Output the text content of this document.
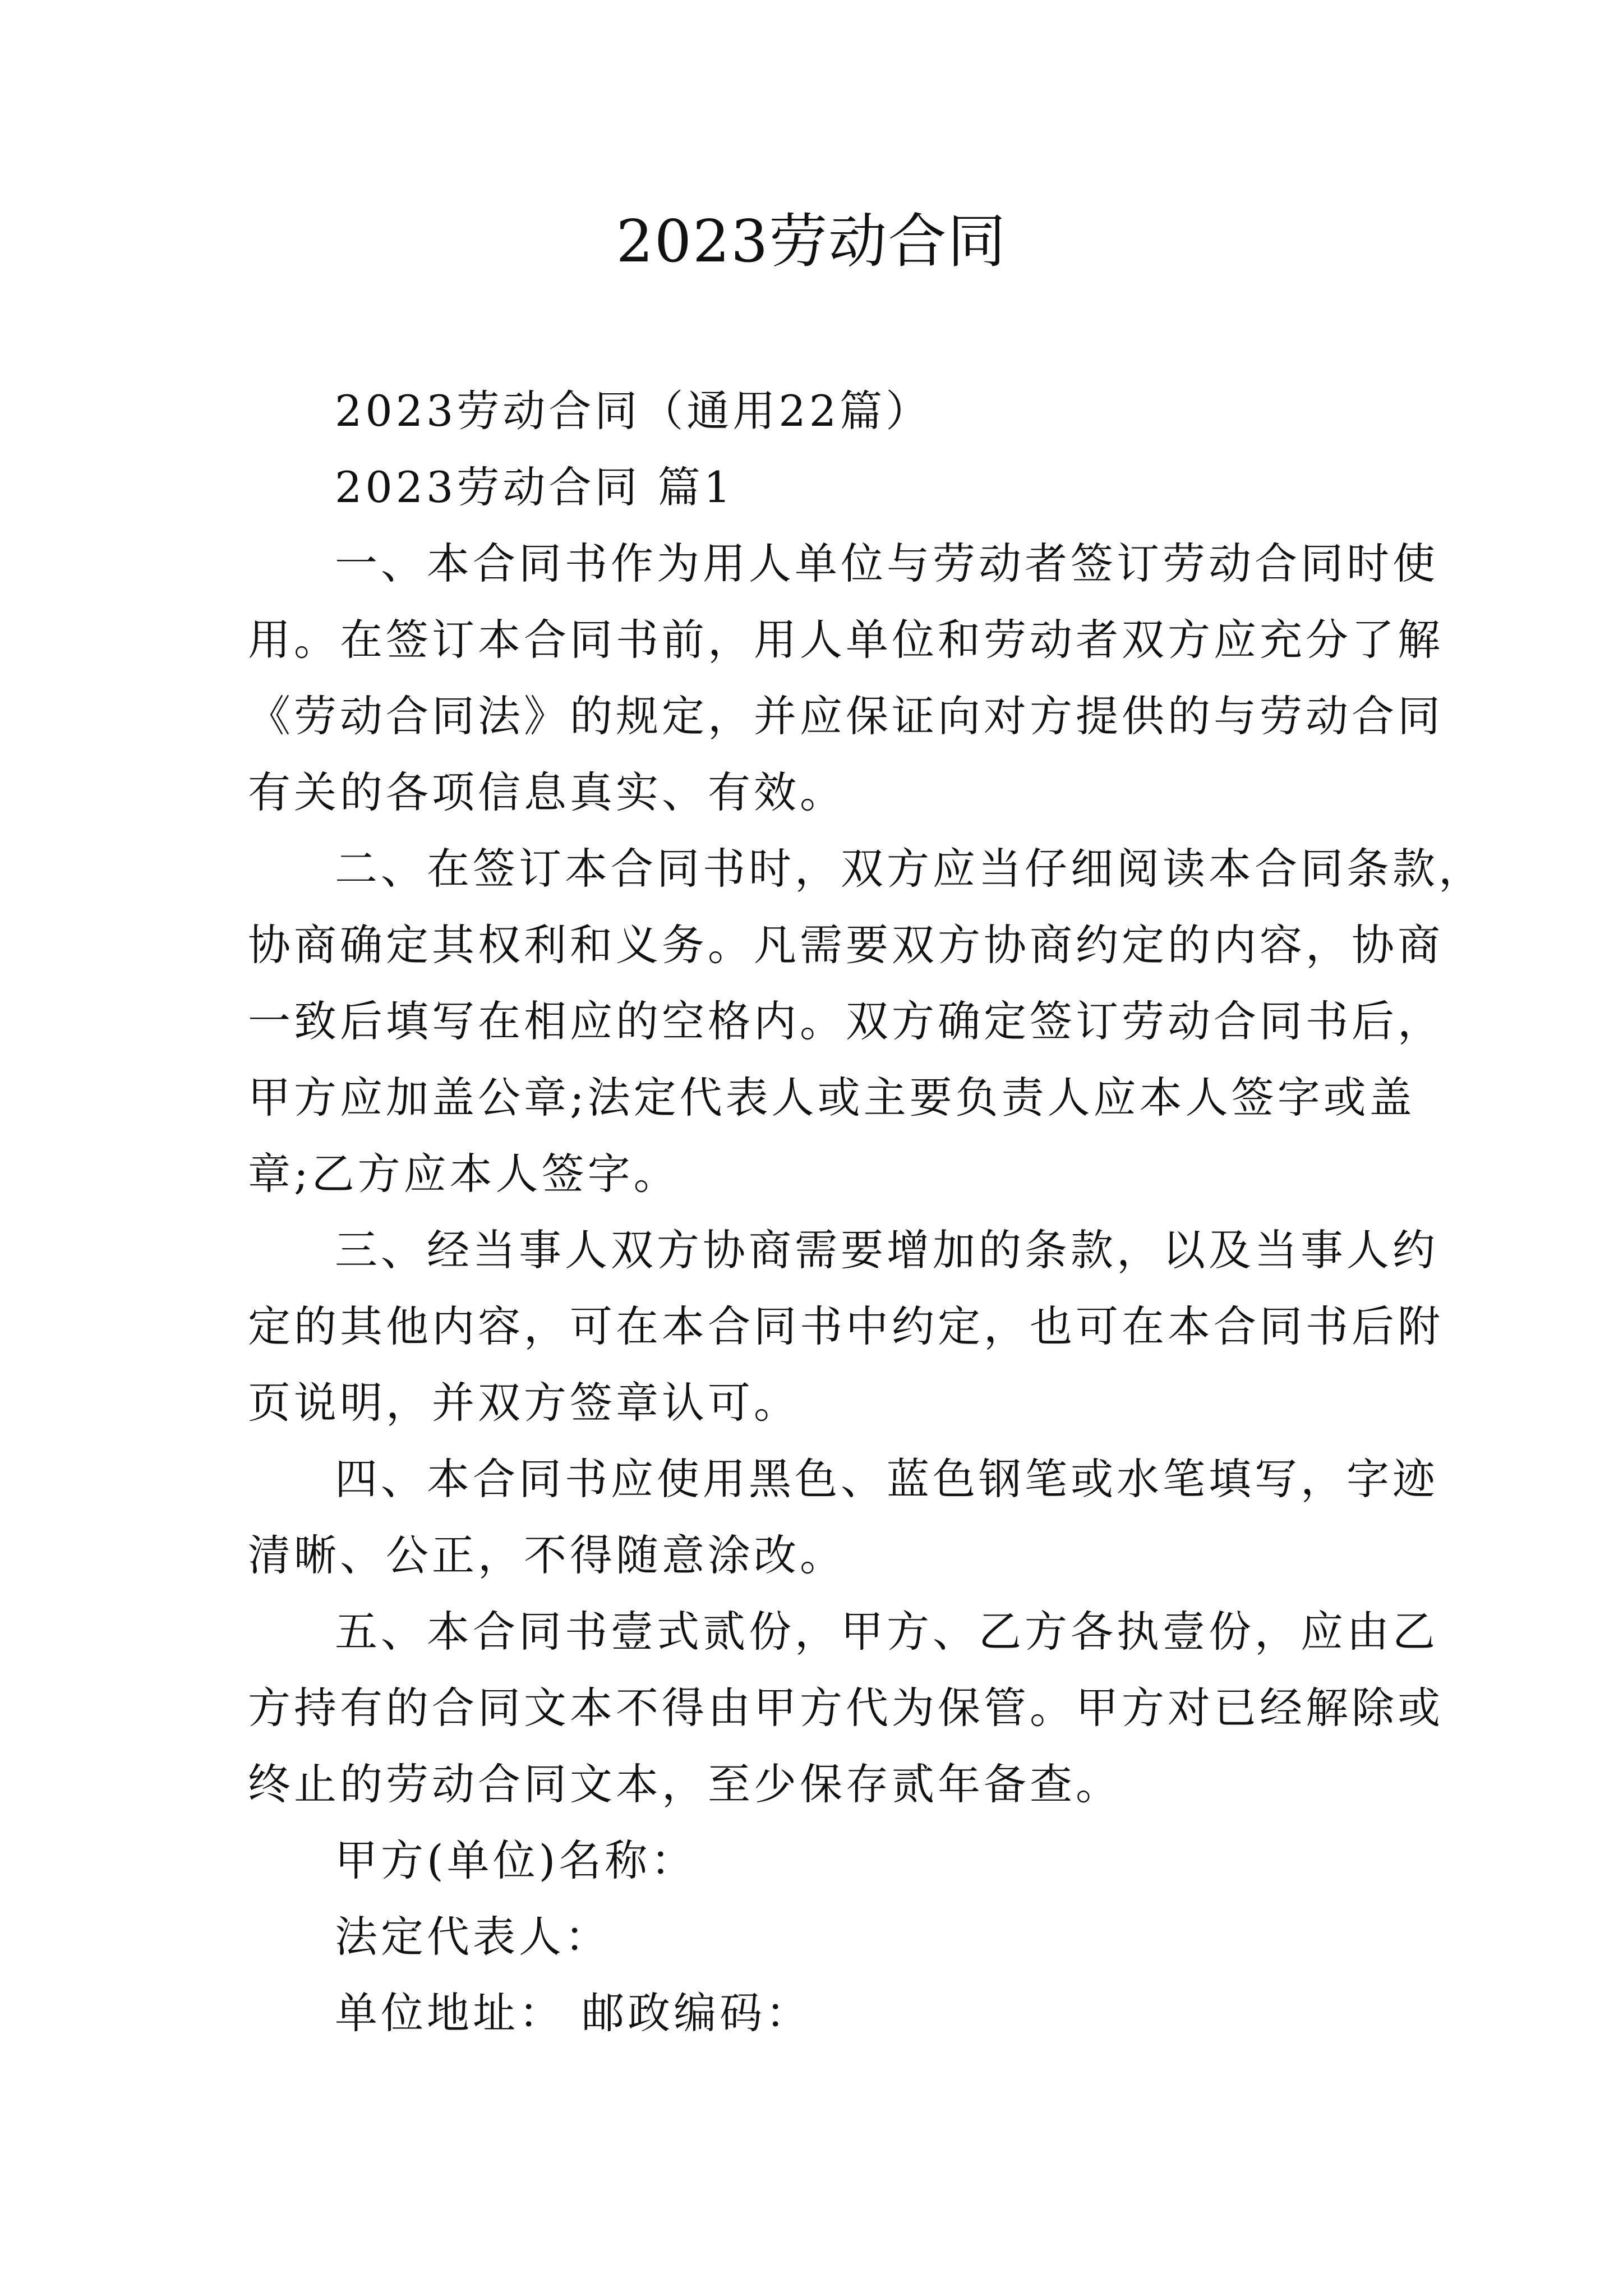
2023劳动合同

2023劳动合同（通用22篇）

2023劳动合同 篇1

一、本合同书作为用人单位与劳动者签订劳动合同时使

用。在签订本合同书前，用人单位和劳动者双方应充分了解

《劳动合同法》的规定，并应保证向对方提供的与劳动合同

有关的各项信息真实、有效。

二、在签订本合同书时，双方应当仔细阅读本合同条款，

协商确定其权利和义务。凡需要双方协商约定的内容，协商

一致后填写在相应的空格内。双方确定签订劳动合同书后，

甲方应加盖公章;法定代表人或主要负责人应本人签字或盖

章;乙方应本人签字。

三、经当事人双方协商需要增加的条款，以及当事人约

定的其他内容，可在本合同书中约定，也可在本合同书后附

页说明，并双方签章认可。

四、本合同书应使用黑色、蓝色钢笔或水笔填写，字迹

清晰、公正，不得随意涂改。

五、本合同书壹式贰份，甲方、乙方各执壹份，应由乙

方持有的合同文本不得由甲方代为保管。甲方对已经解除或

终止的劳动合同文本，至少保存贰年备查。

甲方(单位)名称：

法定代表人：

单位地址： 邮政编码：
